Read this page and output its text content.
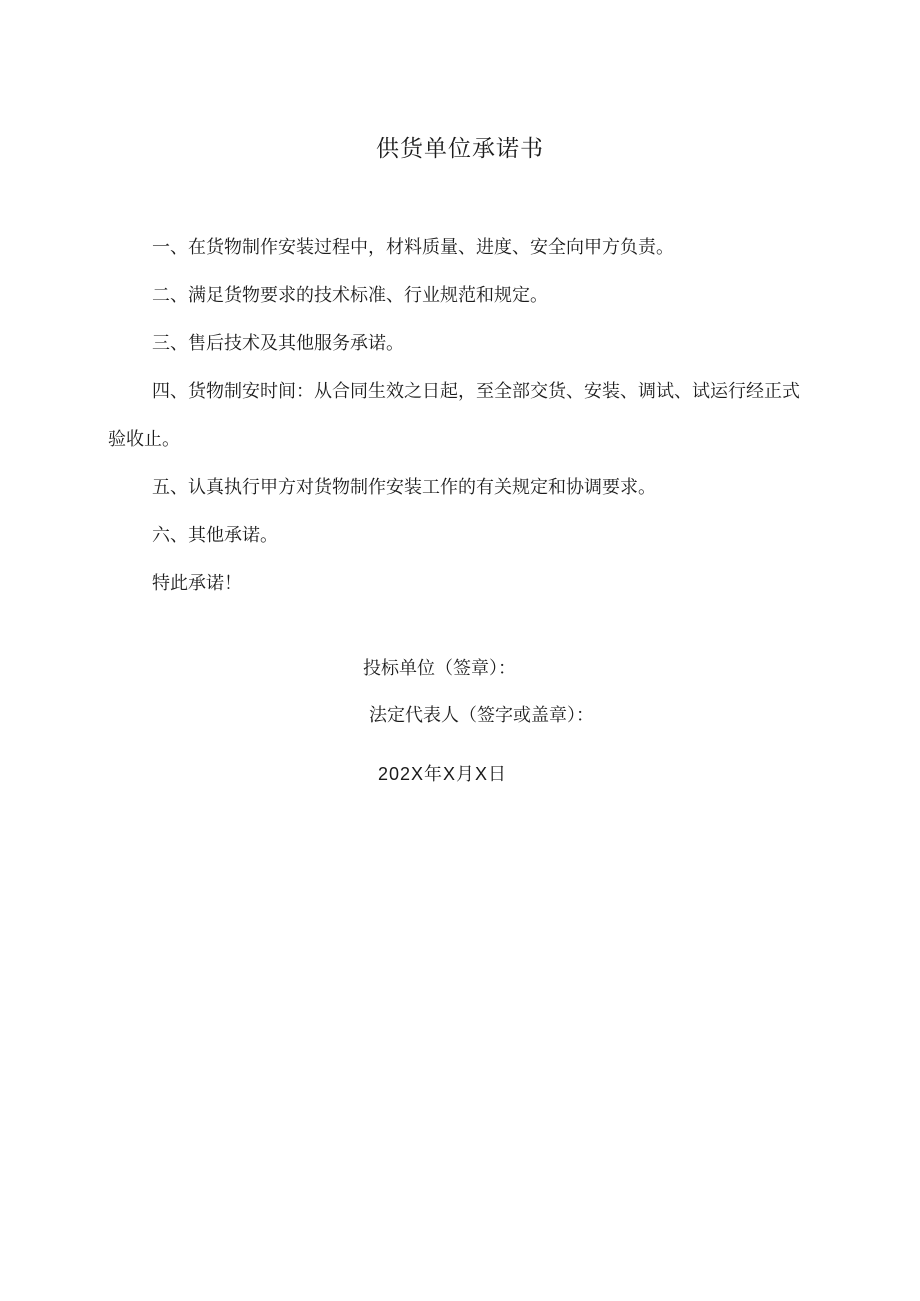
供货单位承诺书

一、在货物制作安装过程中，材料质量、进度、安全向甲方负责。

二、满足货物要求的技术标准、行业规范和规定。

三、售后技术及其他服务承诺。

四、货物制安时间：从合同生效之日起，至全部交货、安装、调试、试运行经正式验收止。

五、认真执行甲方对货物制作安装工作的有关规定和协调要求。

六、其他承诺。

特此承诺！

投标单位（签章）：
法定代表人（签字或盖章）：
202X年X月X日
